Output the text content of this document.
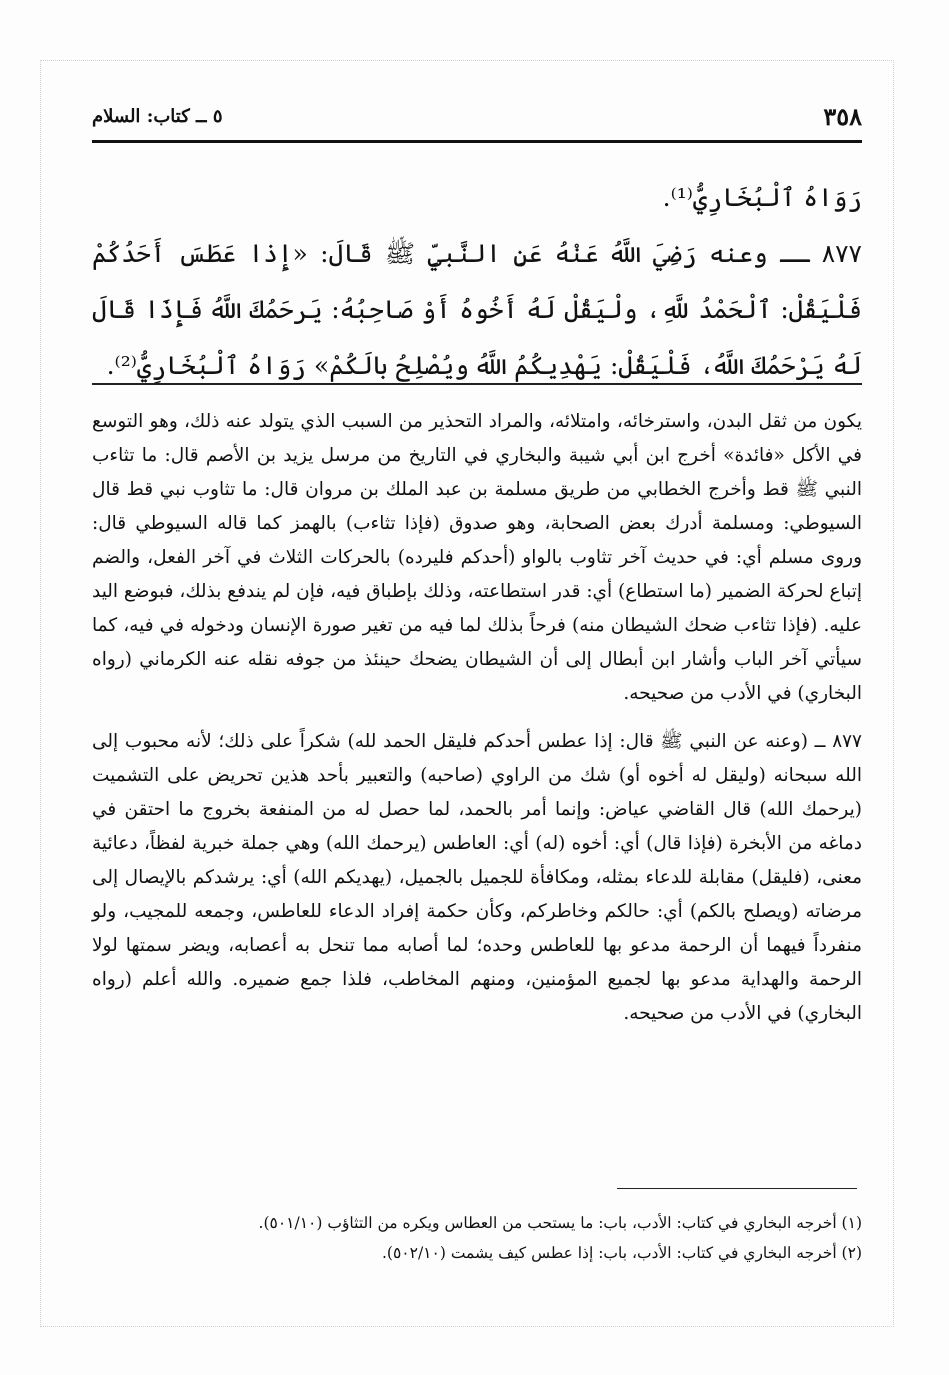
٣٥٨
٥ ــ كتاب: السلام

رَوَاهُ ٱلْبُخَارِيُّ⁽¹⁾.

٨٧٧ ــ وعنه رَضِيَ اللَّهُ عَنْهُ عَنِ النَّبيِّ ﷺ قَالَ: «إِذا عَطَسَ أَحَدُكُمْ فَلْيَقُلْ: ٱلْحَمْدُ للَّهِ، ولْيَقُلْ لَهُ أَخُوهُ أَوْ صَاحِبُهُ: يَرحَمُكَ اللَّهُ فَإِذَا قَالَ لَهُ يَرْحَمُكَ اللَّهُ، فَلْيَقُلْ: يَهْدِيكُمُ اللَّهُ ويُصْلِحُ بالَكُمْ» رَوَاهُ ٱلْبُخَارِيُّ⁽²⁾.

يكون من ثقل البدن، واسترخائه، وامتلائه، والمراد التحذير من السبب الذي يتولد عنه ذلك، وهو التوسع في الأكل «فائدة» أخرج ابن أبي شيبة والبخاري في التاريخ من مرسل يزيد بن الأصم قال: ما تثاءب النبي ﷺ قط وأخرج الخطابي من طريق مسلمة بن عبد الملك بن مروان قال: ما تثاوب نبي قط قال السيوطي: ومسلمة أدرك بعض الصحابة، وهو صدوق (فإذا تثاءب) بالهمز كما قاله السيوطي قال: وروى مسلم أي: في حديث آخر تثاوب بالواو (أحدكم فليرده) بالحركات الثلاث في آخر الفعل، والضم إتباع لحركة الضمير (ما استطاع) أي: قدر استطاعته، وذلك بإطباق فيه، فإن لم يندفع بذلك، فبوضع اليد عليه. (فإذا تثاءب ضحك الشيطان منه) فرحاً بذلك لما فيه من تغير صورة الإنسان ودخوله في فيه، كما سيأتي آخر الباب وأشار ابن أبطال إلى أن الشيطان يضحك حينئذ من جوفه نقله عنه الكرماني (رواه البخاري) في الأدب من صحيحه.

٨٧٧ ــ (وعنه عن النبي ﷺ قال: إذا عطس أحدكم فليقل الحمد لله) شكراً على ذلك؛ لأنه محبوب إلى الله سبحانه (وليقل له أخوه أو) شك من الراوي (صاحبه) والتعبير بأحد هذين تحريض على التشميت (يرحمك الله) قال القاضي عياض: وإنما أمر بالحمد، لما حصل له من المنفعة بخروج ما احتقن في دماغه من الأبخرة (فإذا قال) أي: أخوه (له) أي: العاطس (يرحمك الله) وهي جملة خبرية لفظاً، دعائية معنى، (فليقل) مقابلة للدعاء بمثله، ومكافأة للجميل بالجميل، (يهديكم الله) أي: يرشدكم بالإيصال إلى مرضاته (ويصلح بالكم) أي: حالكم وخاطركم، وكأن حكمة إفراد الدعاء للعاطس، وجمعه للمجيب، ولو منفرداً فيهما أن الرحمة مدعو بها للعاطس وحده؛ لما أصابه مما تنحل به أعصابه، ويضر سمتها لولا الرحمة والهداية مدعو بها لجميع المؤمنين، ومنهم المخاطب، فلذا جمع ضميره. والله أعلم (رواه البخاري) في الأدب من صحيحه.

(١) أخرجه البخاري في كتاب: الأدب، باب: ما يستحب من العطاس ويكره من التثاؤب (٥٠١/١٠).
(٢) أخرجه البخاري في كتاب: الأدب، باب: إذا عطس كيف يشمت (٥٠٢/١٠).
